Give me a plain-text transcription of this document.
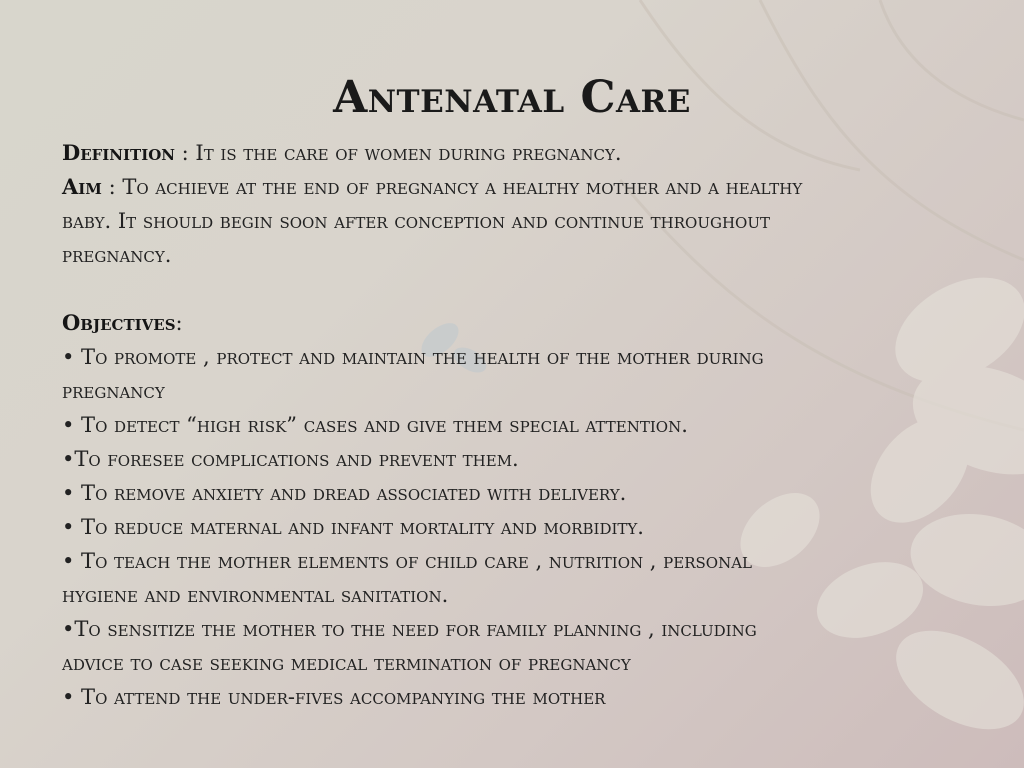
Antenatal Care
Definition : It is the care of women during pregnancy.
Aim : To achieve at the end of pregnancy a healthy mother and a healthy
baby. It should begin soon after conception and continue throughout
pregnancy.
Objectives:
• To promote , protect and maintain the health of the mother during
pregnancy
• To detect “high risk” cases and give them special attention.
•To foresee complications and prevent them.
• To remove anxiety and dread associated with delivery.
• To reduce maternal and infant mortality and morbidity.
• To teach the mother elements of child care , nutrition , personal
hygiene and environmental sanitation.
•To sensitize the mother to the need for family planning , including
advice to case seeking medical termination of pregnancy
• To attend the under-fives accompanying the mother
